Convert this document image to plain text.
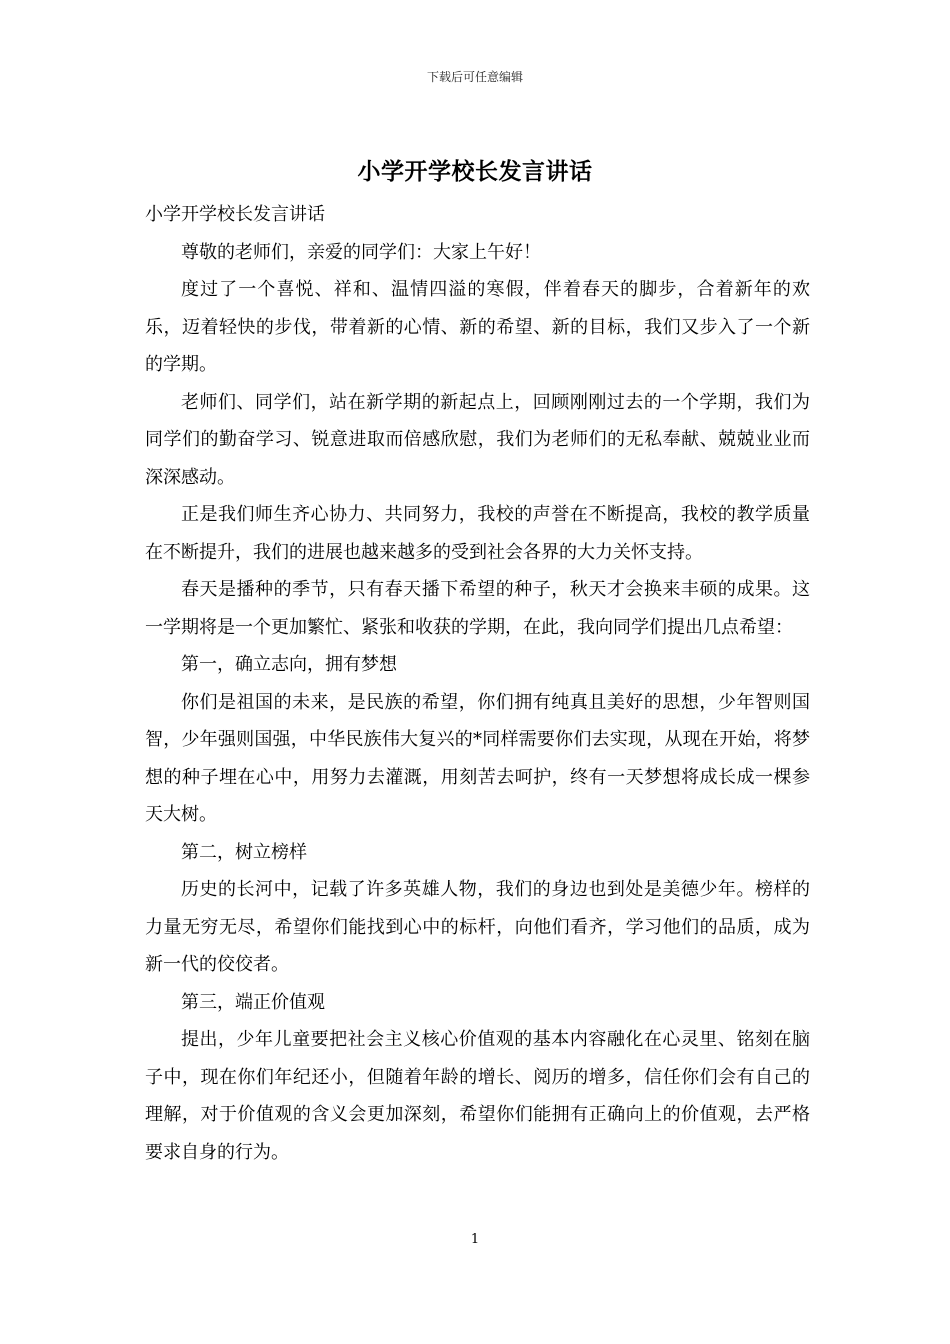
下载后可任意编辑
小学开学校长发言讲话

小学开学校长发言讲话

尊敬的老师们，亲爱的同学们：大家上午好！

度过了一个喜悦、祥和、温情四溢的寒假，伴着春天的脚步，合着新年的欢乐，迈着轻快的步伐，带着新的心情、新的希望、新的目标，我们又步入了一个新的学期。

老师们、同学们，站在新学期的新起点上，回顾刚刚过去的一个学期，我们为同学们的勤奋学习、锐意进取而倍感欣慰，我们为老师们的无私奉献、兢兢业业而深深感动。

正是我们师生齐心协力、共同努力，我校的声誉在不断提高，我校的教学质量在不断提升，我们的进展也越来越多的受到社会各界的大力关怀支持。

春天是播种的季节，只有春天播下希望的种子，秋天才会换来丰硕的成果。这一学期将是一个更加繁忙、紧张和收获的学期，在此，我向同学们提出几点希望：

第一，确立志向，拥有梦想

你们是祖国的未来，是民族的希望，你们拥有纯真且美好的思想，少年智则国智，少年强则国强，中华民族伟大复兴的*同样需要你们去实现，从现在开始，将梦想的种子埋在心中，用努力去灌溉，用刻苦去呵护，终有一天梦想将成长成一棵参天大树。

第二，树立榜样

历史的长河中，记载了许多英雄人物，我们的身边也到处是美德少年。榜样的力量无穷无尽，希望你们能找到心中的标杆，向他们看齐，学习他们的品质，成为新一代的佼佼者。

第三，端正价值观

提出，少年儿童要把社会主义核心价值观的基本内容融化在心灵里、铭刻在脑子中，现在你们年纪还小，但随着年龄的增长、阅历的增多，信任你们会有自己的理解，对于价值观的含义会更加深刻，希望你们能拥有正确向上的价值观，去严格要求自身的行为。

1
